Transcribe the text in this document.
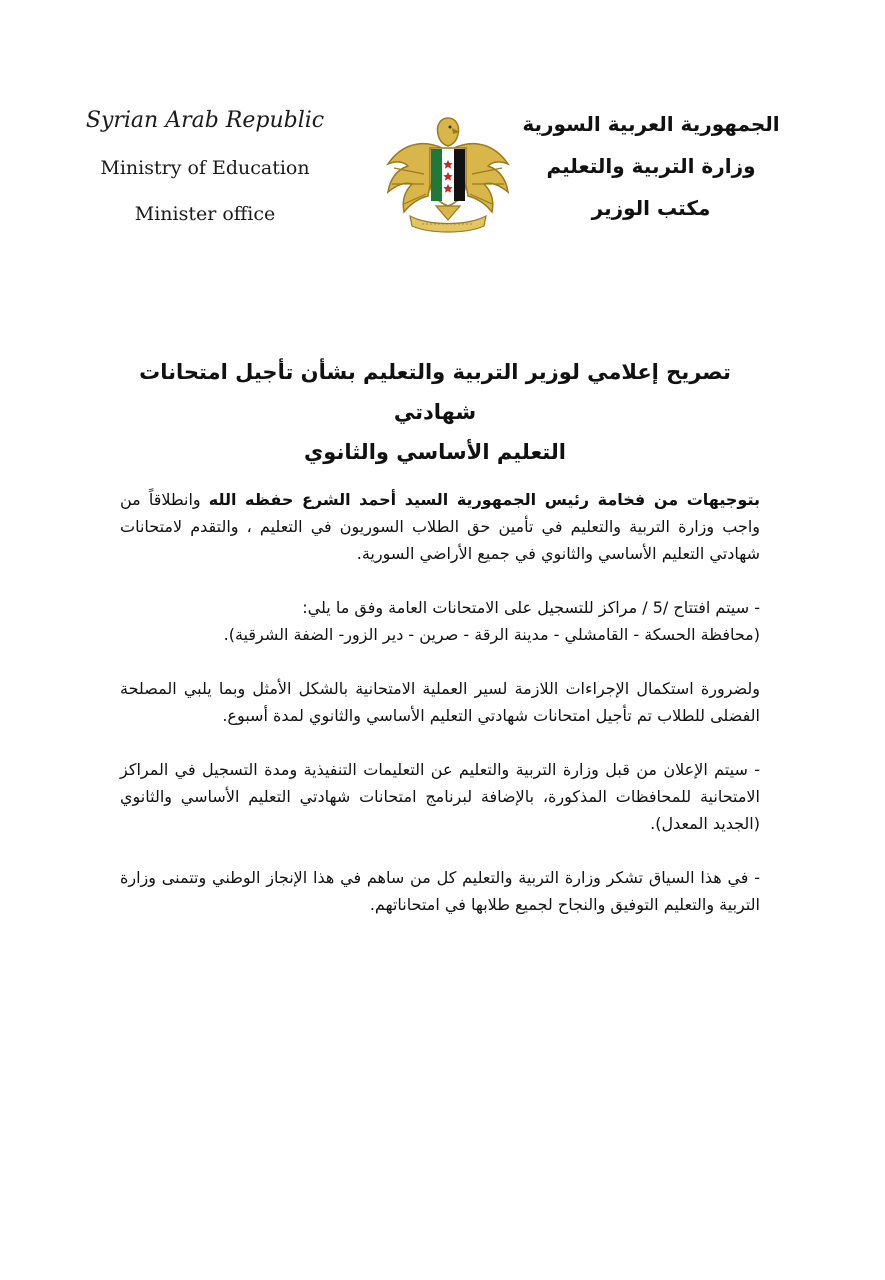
Syrian Arab Republic
Ministry of Education
Minister office
الجمهورية العربية السورية
وزارة التربية والتعليم
مكتب الوزير
تصريح إعلامي لوزير التربية والتعليم بشأن تأجيل امتحانات شهادتي
التعليم الأساسي والثانوي

بتوجيهات من فخامة رئيس الجمهورية السيد أحمد الشرع حفظه الله وانطلاقاً من واجب وزارة التربية والتعليم في تأمين حق الطلاب السوريون في التعليم ، والتقدم لامتحانات شهادتي التعليم الأساسي والثانوي في جميع الأراضي السورية.

- سيتم افتتاح /5 / مراكز للتسجيل على الامتحانات العامة وفق ما يلي:
(محافظة الحسكة - القامشلي - مدينة الرقة - صرين - دير الزور- الضفة الشرقية).

ولضرورة استكمال الإجراءات اللازمة لسير العملية الامتحانية بالشكل الأمثل وبما يلبي المصلحة الفضلى للطلاب تم تأجيل امتحانات شهادتي التعليم الأساسي والثانوي لمدة أسبوع.

- سيتم الإعلان من قبل وزارة التربية والتعليم عن التعليمات التنفيذية ومدة التسجيل في المراكز الامتحانية للمحافظات المذكورة، بالإضافة لبرنامج امتحانات شهادتي التعليم الأساسي والثانوي (الجديد المعدل).

- في هذا السياق تشكر وزارة التربية والتعليم كل من ساهم في هذا الإنجاز الوطني وتتمنى وزارة التربية والتعليم التوفيق والنجاح لجميع طلابها في امتحاناتهم.
